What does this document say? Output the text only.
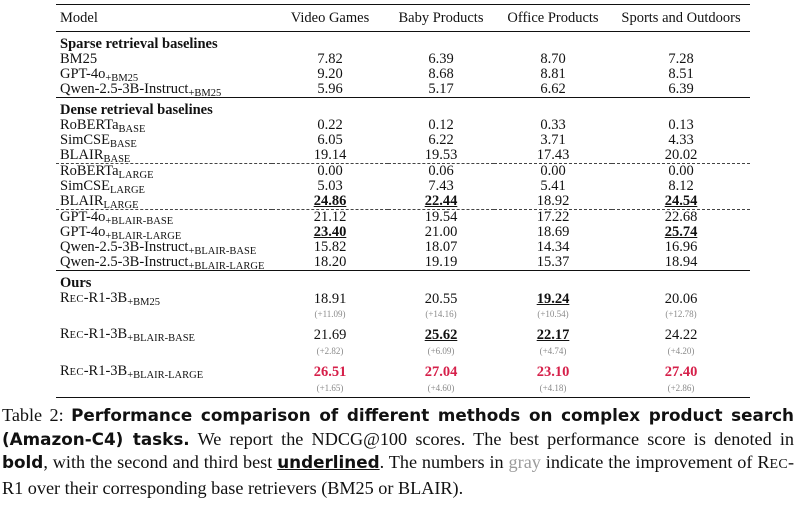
Model	Video Games	Baby Products	Office Products	Sports and Outdoors
Sparse retrieval baselines				
BM25	7.82	6.39	8.70	7.28
GPT-$4o_{+BM25}$	9.20	8.68	8.81	8.51
Qwen-2.5-3B-Instruct$_{+BM25}$	5.96	5.17	6.62	6.39
Dense retrieval baselines				
RoBERTa$_{BASE}$	0.22	0.12	0.33	0.13
SimCSE$_{BASE}$	6.05	6.22	3.71	4.33
$BLAIR_{BASE}$	19.14	19.53	17.43	20.02
RoBERTa$_{LARGE}$	0.00	0.06	0.00	0.00
SimCSE$_{LARGE}$	5.03	7.43	5.41	8.12
$BLAIR_{LARGE}$	24.86	22.44	18.92	24.54
GPT-$4o_{+BLAIR-BASE}$	21.12	19.54	17.22	22.68
GPT-$4o_{+BLAIR-LARGE}$	23.40	21.00	18.69	25.74
Qwen-2.5-3B-Instruct$_{+BLAIR-BASE}$	15.82	18.07	14.34	16.96
Qwen-2.5-3B-Instruct$_{+BLAIR-LARGE}$	18.20	19.19	15.37	18.94
Ours				
REC-$R1-3B_{+BM25}$	18.91	20.55	19.24	20.06
	(+11.09)	(+14.16)	(+10.54)	(+12.78)
REC-$R1-3B_{+BLAIR-BASE}$	21.69	25.62	22.17	24.22
	(+2.82)	(+6.09)	(+4.74)	(+4.20)
REC-$R1-3B_{+BLAIR-LARGE}$	26.51	27.04	23.10	27.40
	(+1.65)	(+4.60)	(+4.18)	(+2.86)

Table 2: Performance comparison of different methods on complex product search (Amazon-C4) tasks. We report the NDCG@100 scores. The best performance score is denoted in bold, with the second and third best underlined. The numbers in gray indicate the improvement of REC-R1 over their corresponding base retrievers (BM25 or BLAIR).
